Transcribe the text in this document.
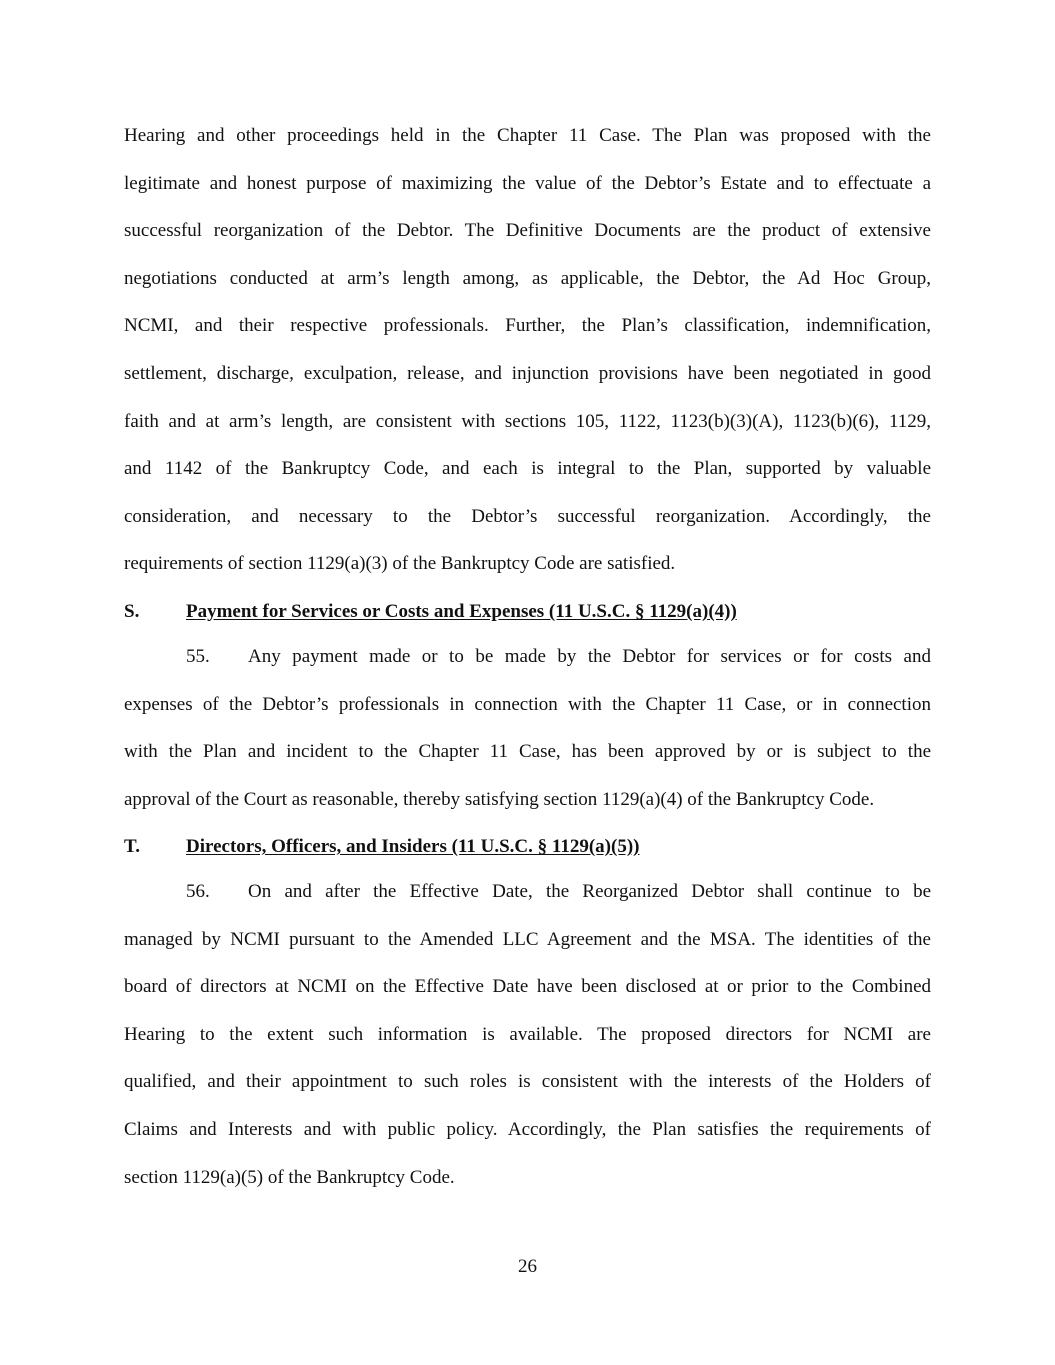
Hearing and other proceedings held in the Chapter 11 Case. The Plan was proposed with the
legitimate and honest purpose of maximizing the value of the Debtor’s Estate and to effectuate a
successful reorganization of the Debtor. The Definitive Documents are the product of extensive
negotiations conducted at arm’s length among, as applicable, the Debtor, the Ad Hoc Group,
NCMI, and their respective professionals. Further, the Plan’s classification, indemnification,
settlement, discharge, exculpation, release, and injunction provisions have been negotiated in good
faith and at arm’s length, are consistent with sections 105, 1122, 1123(b)(3)(A), 1123(b)(6), 1129,
and 1142 of the Bankruptcy Code, and each is integral to the Plan, supported by valuable
consideration, and necessary to the Debtor’s successful reorganization. Accordingly, the
requirements of section 1129(a)(3) of the Bankruptcy Code are satisfied.
S. Payment for Services or Costs and Expenses (11 U.S.C. § 1129(a)(4))
55. Any payment made or to be made by the Debtor for services or for costs and
expenses of the Debtor’s professionals in connection with the Chapter 11 Case, or in connection
with the Plan and incident to the Chapter 11 Case, has been approved by or is subject to the
approval of the Court as reasonable, thereby satisfying section 1129(a)(4) of the Bankruptcy Code.
T. Directors, Officers, and Insiders (11 U.S.C. § 1129(a)(5))
56. On and after the Effective Date, the Reorganized Debtor shall continue to be
managed by NCMI pursuant to the Amended LLC Agreement and the MSA. The identities of the
board of directors at NCMI on the Effective Date have been disclosed at or prior to the Combined
Hearing to the extent such information is available. The proposed directors for NCMI are
qualified, and their appointment to such roles is consistent with the interests of the Holders of
Claims and Interests and with public policy. Accordingly, the Plan satisfies the requirements of
section 1129(a)(5) of the Bankruptcy Code.
26
